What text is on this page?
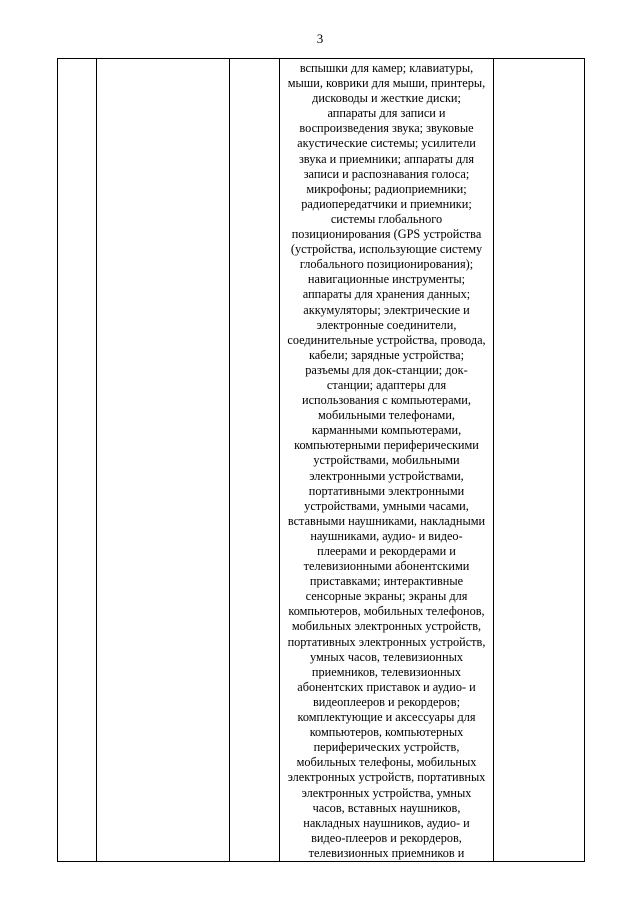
3

вспышки для камер; клавиатуры,
мыши, коврики для мыши, принтеры,
дисководы и жесткие диски;
аппараты для записи и
воспроизведения звука; звуковые
акустические системы; усилители
звука и приемники; аппараты для
записи и распознавания голоса;
микрофоны; радиоприемники;
радиопередатчики и приемники;
системы глобального
позиционирования (GPS устройства
(устройства, использующие систему
глобального позиционирования);
навигационные инструменты;
аппараты для хранения данных;
аккумуляторы; электрические и
электронные соединители,
соединительные устройства, провода,
кабели; зарядные устройства;
разъемы для док-станции; док-
станции; адаптеры для
использования с компьютерами,
мобильными телефонами,
карманными компьютерами,
компьютерными периферическими
устройствами, мобильными
электронными устройствами,
портативными электронными
устройствами, умными часами,
вставными наушниками, накладными
наушниками, аудио- и видео-
плеерами и рекордерами и
телевизионными абонентскими
приставками; интерактивные
сенсорные экраны; экраны для
компьютеров, мобильных телефонов,
мобильных электронных устройств,
портативных электронных устройств,
умных часов, телевизионных
приемников, телевизионных
абонентских приставок и аудио- и
видеоплееров и рекордеров;
комплектующие и аксессуары для
компьютеров, компьютерных
периферических устройств,
мобильных телефоны, мобильных
электронных устройств, портативных
электронных устройства, умных
часов, вставных наушников,
накладных наушников, аудио- и
видео-плееров и рекордеров,
телевизионных приемников и
